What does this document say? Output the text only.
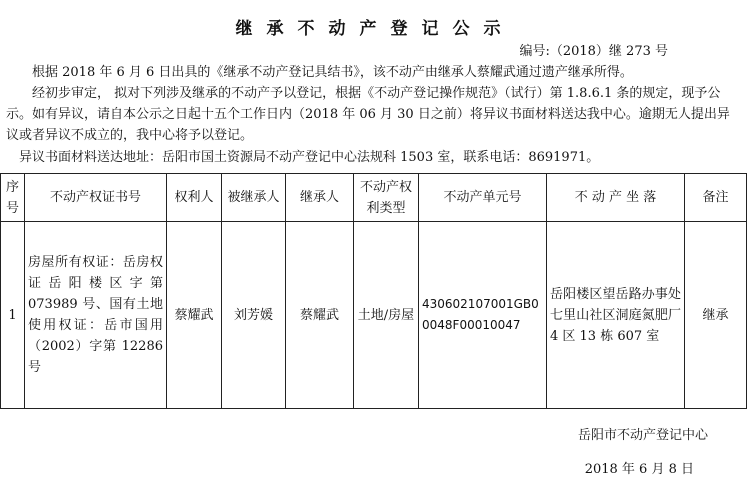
继承不动产登记公示
编号:（2018）继 273 号
根据 2018 年 6 月 6 日出具的《继承不动产登记具结书》，该不动产由继承人蔡耀武通过遗产继承所得。
经初步审定， 拟对下列涉及继承的不动产予以登记，根据《不动产登记操作规范》（试行）第 1.8.6.1 条的规定，现予公示。如有异议，请自本公示之日起十五个工作日内（2018 年 06 月 30 日之前）将异议书面材料送达我中心。逾期无人提出异议或者异议不成立的，我中心将予以登记。
异议书面材料送达地址：岳阳市国土资源局不动产登记中心法规科 1503 室，联系电话：8691971。
序号	不动产权证书号	权利人	被继承人	继承人	不动产权利类型	不动产单元号	不 动 产 坐 落	备注
1	房屋所有权证：岳房权证岳阳楼区字第 073989 号、国有土地使用权证：岳市国用（2002）字第 12286 号	蔡耀武	刘芳媛	蔡耀武	土地/房屋	430602107001GB00048F00010047	岳阳楼区望岳路办事处七里山社区洞庭氮肥厂 4 区 13 栋 607 室	继承
岳阳市不动产登记中心
2018 年 6 月 8 日
